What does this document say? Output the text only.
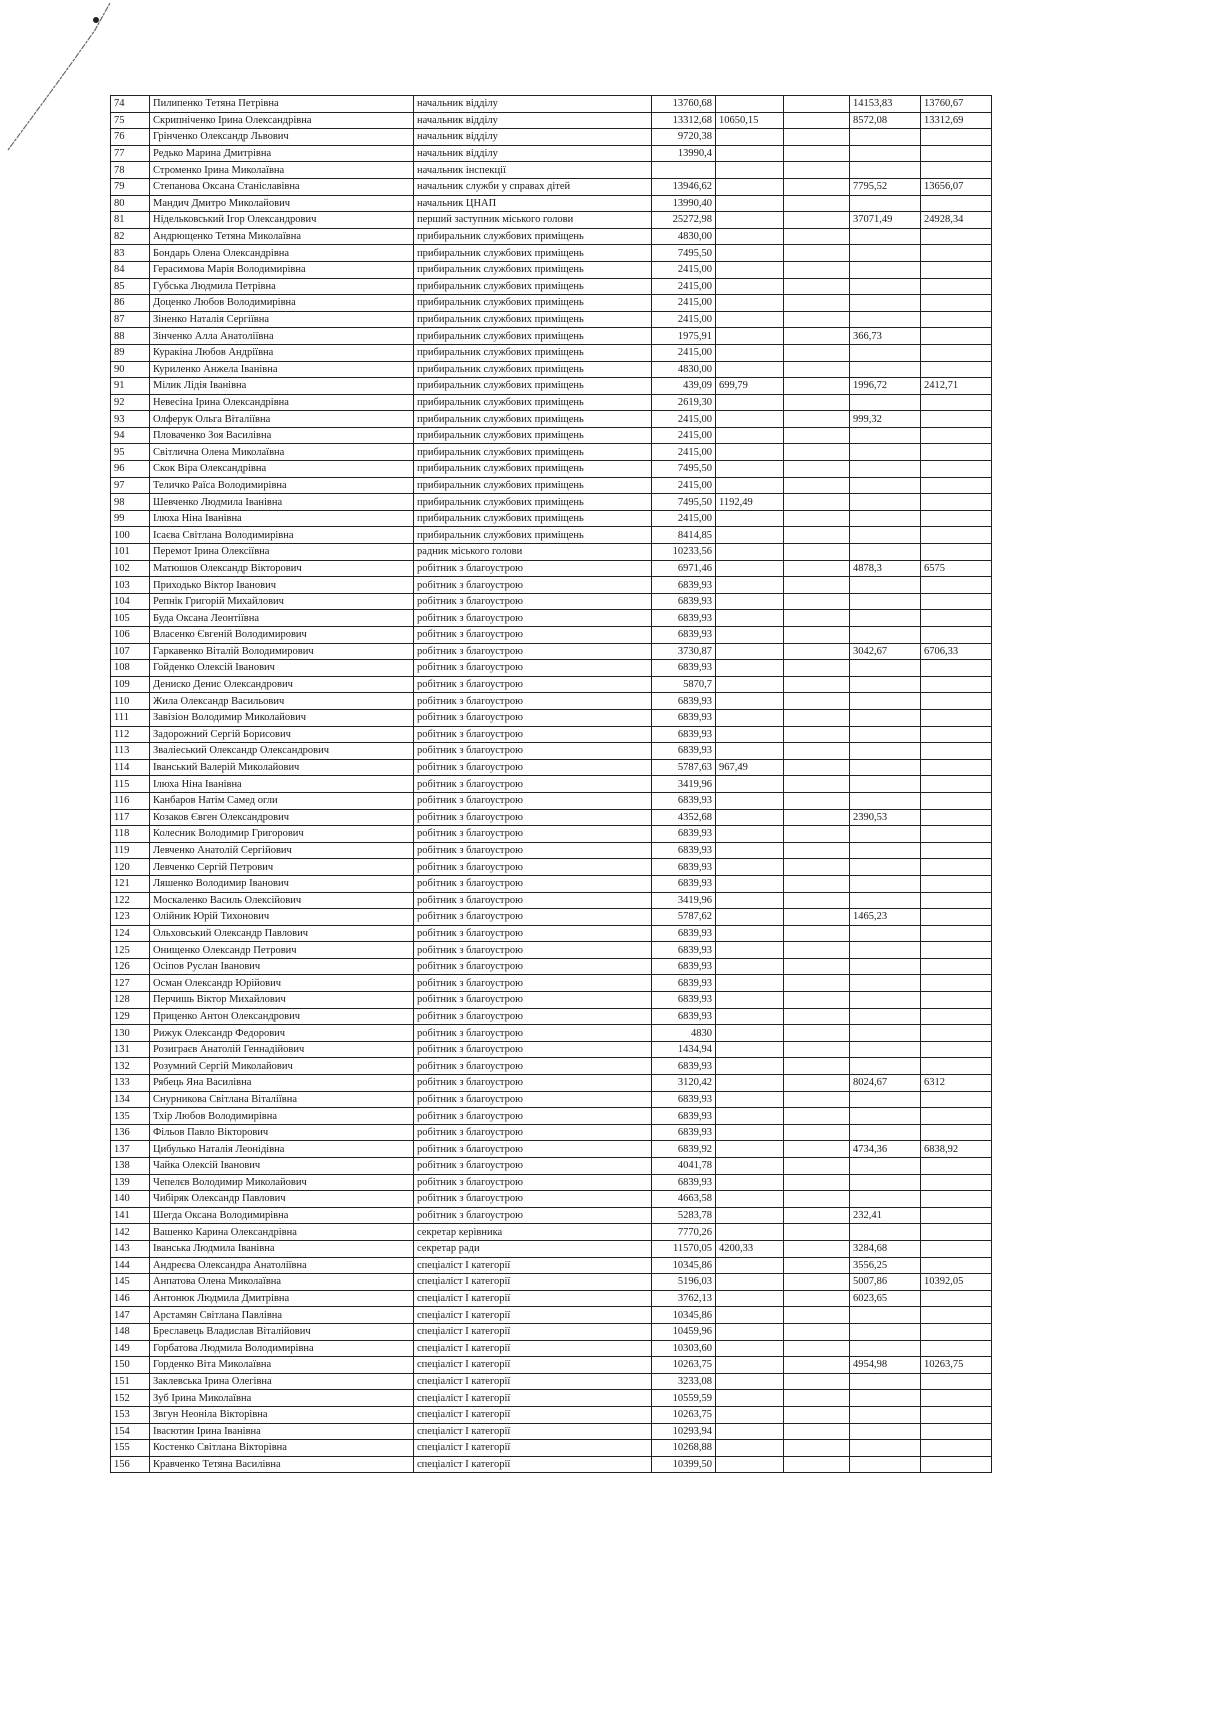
74	Пилипенко Тетяна Петрівна	начальник відділу	13760,68			14153,83	13760,67
75	Скрипніченко Ірина Олександрівна	начальник відділу	13312,68	10650,15		8572,08	13312,69
76	Грінченко Олександр Львович	начальник відділу	9720,38				
77	Редько Марина Дмитрівна	начальник відділу	13990,4				
78	Строменко Ірина Миколаївна	начальник інспекції					
79	Степанова Оксана Станіславівна	начальник служби у справах дітей	13946,62			7795,52	13656,07
80	Мандич Дмитро Миколайович	начальник ЦНАП	13990,40				
81	Нідельковський Ігор Олександрович	перший заступник міського голови	25272,98			37071,49	24928,34
82	Андрющенко Тетяна Миколаївна	прибиральник службових приміщень	4830,00				
83	Бондарь Олена Олександрівна	прибиральник службових приміщень	7495,50				
84	Герасимова Марія Володимирівна	прибиральник службових приміщень	2415,00				
85	Губська Людмила Петрівна	прибиральник службових приміщень	2415,00				
86	Доценко Любов Володимирівна	прибиральник службових приміщень	2415,00				
87	Зіненко Наталія Сергіївна	прибиральник службових приміщень	2415,00				
88	Зінченко Алла Анатоліївна	прибиральник службових приміщень	1975,91			366,73	
89	Куракіна Любов Андріївна	прибиральник службових приміщень	2415,00				
90	Куриленко Анжела Іванівна	прибиральник службових приміщень	4830,00				
91	Мілик Лідія Іванівна	прибиральник службових приміщень	439,09	699,79		1996,72	2412,71
92	Невесіна Ірина Олександрівна	прибиральник службових приміщень	2619,30				
93	Олферук Ольга Віталіївна	прибиральник службових приміщень	2415,00			999,32	
94	Пловаченко Зоя Василівна	прибиральник службових приміщень	2415,00				
95	Світлична Олена Миколаївна	прибиральник службових приміщень	2415,00				
96	Скок Віра Олександрівна	прибиральник службових приміщень	7495,50				
97	Теличко Раїса Володимирівна	прибиральник службових приміщень	2415,00				
98	Шевченко Людмила Іванівна	прибиральник службових приміщень	7495,50	1192,49			
99	Ілюха Ніна Іванівна	прибиральник службових приміщень	2415,00				
100	Ісаєва Світлана Володимирівна	прибиральник службових приміщень	8414,85				
101	Перемот Ірина Олексіївна	радник міського голови	10233,56				
102	Матюшов Олександр Вікторович	робітник з благоустрою	6971,46			4878,3	6575
103	Приходько Віктор Іванович	робітник з благоустрою	6839,93				
104	Репнік Григорій Михайлович	робітник з благоустрою	6839,93				
105	Буда Оксана Леонтіївна	робітник з благоустрою	6839,93				
106	Власенко Євгеній Володимирович	робітник з благоустрою	6839,93				
107	Гаркавенко Віталій Володимирович	робітник з благоустрою	3730,87			3042,67	6706,33
108	Гойденко Олексій Іванович	робітник з благоустрою	6839,93				
109	Дениско Денис Олександрович	робітник з благоустрою	5870,7				
110	Жила Олександр Васильович	робітник з благоустрою	6839,93				
111	Завізіон Володимир Миколайович	робітник з благоустрою	6839,93				
112	Задорожний Сергій Борисович	робітник з благоустрою	6839,93				
113	Зваліеський Олександр Олександрович	робітник з благоустрою	6839,93				
114	Іванський Валерій Миколайович	робітник з благоустрою	5787,63	967,49			
115	Ілюха Ніна Іванівна	робітник з благоустрою	3419,96				
116	Канбаров Натім Самед огли	робітник з благоустрою	6839,93				
117	Козаков Євген Олександрович	робітник з благоустрою	4352,68			2390,53	
118	Колесник Володимир Григорович	робітник з благоустрою	6839,93				
119	Левченко Анатолій Сергійович	робітник з благоустрою	6839,93				
120	Левченко Сергій Петрович	робітник з благоустрою	6839,93				
121	Ляшенко Володимир Іванович	робітник з благоустрою	6839,93				
122	Москаленко Василь Олексійович	робітник з благоустрою	3419,96				
123	Олійник Юрій Тихонович	робітник з благоустрою	5787,62			1465,23	
124	Ольховський Олександр Павлович	робітник з благоустрою	6839,93				
125	Онищенко Олександр Петрович	робітник з благоустрою	6839,93				
126	Осіпов Руслан Іванович	робітник з благоустрою	6839,93				
127	Осман Олександр Юрійович	робітник з благоустрою	6839,93				
128	Перчишь Віктор Михайлович	робітник з благоустрою	6839,93				
129	Приценко Антон Олександрович	робітник з благоустрою	6839,93				
130	Рижук Олександр Федорович	робітник з благоустрою	4830				
131	Розиграєв Анатолій Геннадійович	робітник з благоустрою	1434,94				
132	Розумний Сергій Миколайович	робітник з благоустрою	6839,93				
133	Рябець Яна Василівна	робітник з благоустрою	3120,42			8024,67	6312
134	Снурникова Світлана Віталіївна	робітник з благоустрою	6839,93				
135	Тхір Любов Володимирівна	робітник з благоустрою	6839,93				
136	Фільов Павло Вікторович	робітник з благоустрою	6839,93				
137	Цибулько Наталія Леонідівна	робітник з благоустрою	6839,92			4734,36	6838,92
138	Чайка Олексій Іванович	робітник з благоустрою	4041,78				
139	Чепелєв Володимир Миколайович	робітник з благоустрою	6839,93				
140	Чибіряк Олександр Павлович	робітник з благоустрою	4663,58				
141	Шегда Оксана Володимирівна	робітник з благоустрою	5283,78			232,41	
142	Вашенко Карина Олександрівна	секретар керівника	7770,26				
143	Іванська Людмила Іванівна	секретар ради	11570,05	4200,33		3284,68	
144	Андреєва Олександра Анатоліївна	спеціаліст І категорії	10345,86			3556,25	
145	Анпатова Олена Миколаївна	спеціаліст І категорії	5196,03			5007,86	10392,05
146	Антонюк Людмила Дмитрівна	спеціаліст І категорії	3762,13			6023,65	
147	Арстамян Світлана Павлівна	спеціаліст І категорії	10345,86				
148	Бреславець Владислав Віталійович	спеціаліст І категорії	10459,96				
149	Горбатова Людмила Володимирівна	спеціаліст І категорії	10303,60				
150	Горденко Віта Миколаївна	спеціаліст І категорії	10263,75			4954,98	10263,75
151	Заклевська Ірина Олегівна	спеціаліст І категорії	3233,08				
152	Зуб Ірина Миколаївна	спеціаліст І категорії	10559,59				
153	Звгун Неоніла Вікторівна	спеціаліст І категорії	10263,75				
154	Івасютин Ірина Іванівна	спеціаліст І категорії	10293,94				
155	Костенко Світлана Вікторівна	спеціаліст І категорії	10268,88				
156	Кравченко Тетяна Василівна	спеціаліст І категорії	10399,50				
